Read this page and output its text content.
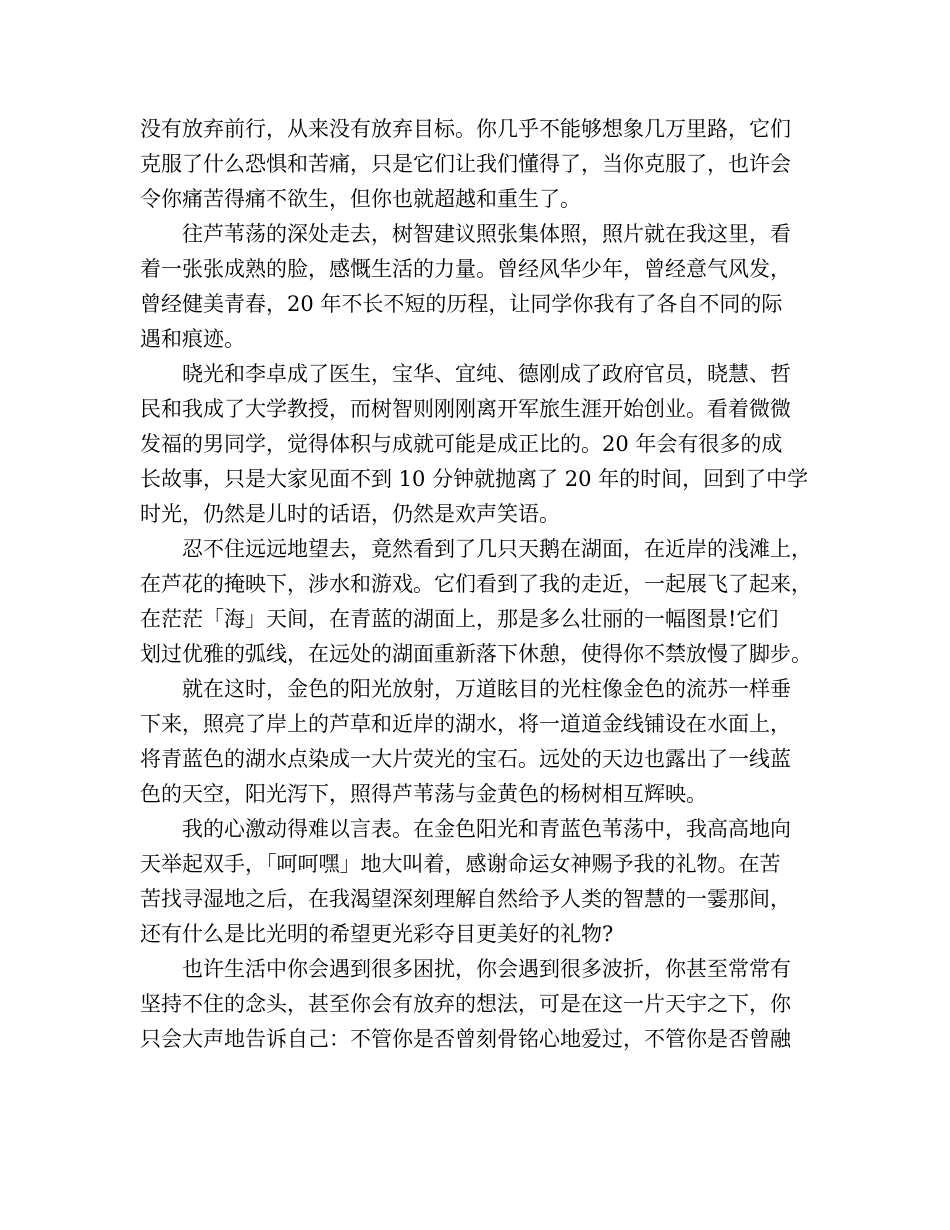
没有放弃前行，从来没有放弃目标。你几乎不能够想象几万里路，它们
克服了什么恐惧和苦痛，只是它们让我们懂得了，当你克服了，也许会
令你痛苦得痛不欲生，但你也就超越和重生了。
　　往芦苇荡的深处走去，树智建议照张集体照，照片就在我这里，看
着一张张成熟的脸，感慨生活的力量。曾经风华少年，曾经意气风发，
曾经健美青春，20 年不长不短的历程，让同学你我有了各自不同的际
遇和痕迹。
　　晓光和李卓成了医生，宝华、宜纯、德刚成了政府官员，晓慧、哲
民和我成了大学教授，而树智则刚刚离开军旅生涯开始创业。看着微微
发福的男同学，觉得体积与成就可能是成正比的。20 年会有很多的成
长故事，只是大家见面不到 10 分钟就抛离了 20 年的时间，回到了中学
时光，仍然是儿时的话语，仍然是欢声笑语。
　　忍不住远远地望去，竟然看到了几只天鹅在湖面，在近岸的浅滩上，
在芦花的掩映下，涉水和游戏。它们看到了我的走近，一起展飞了起来，
在茫茫「海」天间，在青蓝的湖面上，那是多么壮丽的一幅图景!它们
划过优雅的弧线，在远处的湖面重新落下休憩，使得你不禁放慢了脚步。
　　就在这时，金色的阳光放射，万道眩目的光柱像金色的流苏一样垂
下来，照亮了岸上的芦草和近岸的湖水，将一道道金线铺设在水面上，
将青蓝色的湖水点染成一大片荧光的宝石。远处的天边也露出了一线蓝
色的天空，阳光泻下，照得芦苇荡与金黄色的杨树相互辉映。
　　我的心激动得难以言表。在金色阳光和青蓝色苇荡中，我高高地向
天举起双手，「呵呵嘿」地大叫着，感谢命运女神赐予我的礼物。在苦
苦找寻湿地之后，在我渴望深刻理解自然给予人类的智慧的一霎那间，
还有什么是比光明的希望更光彩夺目更美好的礼物?
　　也许生活中你会遇到很多困扰，你会遇到很多波折，你甚至常常有
坚持不住的念头，甚至你会有放弃的想法，可是在这一片天宇之下，你
只会大声地告诉自己：不管你是否曾刻骨铭心地爱过，不管你是否曾融
